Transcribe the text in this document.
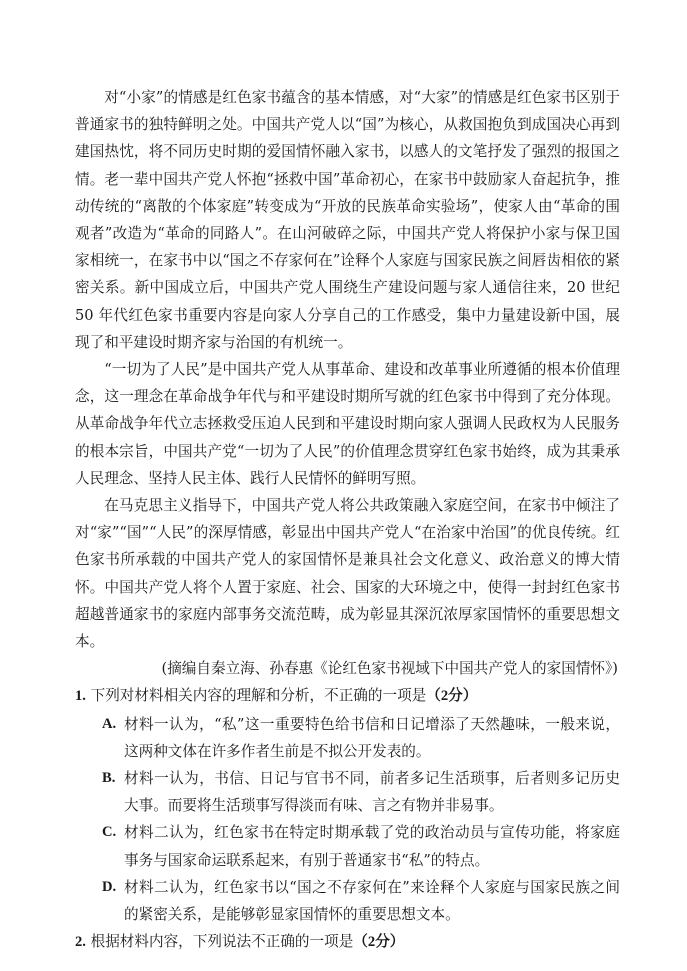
对“小家”的情感是红色家书蕴含的基本情感，对“大家”的情感是红色家书区别于普通家书的独特鲜明之处。中国共产党人以“国”为核心，从救国抱负到成国决心再到建国热忱，将不同历史时期的爱国情怀融入家书，以感人的文笔抒发了强烈的报国之情。老一辈中国共产党人怀抱“拯救中国”革命初心，在家书中鼓励家人奋起抗争，推动传统的“离散的个体家庭”转变成为“开放的民族革命实验场”，使家人由“革命的围观者”改造为“革命的同路人”。在山河破碎之际，中国共产党人将保护小家与保卫国家相统一，在家书中以“国之不存家何在”诠释个人家庭与国家民族之间唇齿相依的紧密关系。新中国成立后，中国共产党人围绕生产建设问题与家人通信往来，20 世纪 50 年代红色家书重要内容是向家人分享自己的工作感受，集中力量建设新中国，展现了和平建设时期齐家与治国的有机统一。

“一切为了人民”是中国共产党人从事革命、建设和改革事业所遵循的根本价值理念，这一理念在革命战争年代与和平建设时期所写就的红色家书中得到了充分体现。从革命战争年代立志拯救受压迫人民到和平建设时期向家人强调人民政权为人民服务的根本宗旨，中国共产党“一切为了人民”的价值理念贯穿红色家书始终，成为其秉承人民理念、坚持人民主体、践行人民情怀的鲜明写照。

在马克思主义指导下，中国共产党人将公共政策融入家庭空间，在家书中倾注了对“家”“国”“人民”的深厚情感，彰显出中国共产党人“在治家中治国”的优良传统。红色家书所承载的中国共产党人的家国情怀是兼具社会文化意义、政治意义的博大情怀。中国共产党人将个人置于家庭、社会、国家的大环境之中，使得一封封红色家书超越普通家书的家庭内部事务交流范畴，成为彰显其深沉浓厚家国情怀的重要思想文本。

(摘编自秦立海、孙春惠《论红色家书视域下中国共产党人的家国情怀》)

1. 下列对材料相关内容的理解和分析，不正确的一项是（2分）

A. 材料一认为，“私”这一重要特色给书信和日记增添了天然趣味，一般来说，这两种文体在许多作者生前是不拟公开发表的。
B. 材料一认为，书信、日记与官书不同，前者多记生活琐事，后者则多记历史大事。而要将生活琐事写得淡而有味、言之有物并非易事。
C. 材料二认为，红色家书在特定时期承载了党的政治动员与宣传功能，将家庭事务与国家命运联系起来，有别于普通家书“私”的特点。
D. 材料二认为，红色家书以“国之不存家何在”来诠释个人家庭与国家民族之间的紧密关系，是能够彰显家国情怀的重要思想文本。

2. 根据材料内容，下列说法不正确的一项是（2分）
